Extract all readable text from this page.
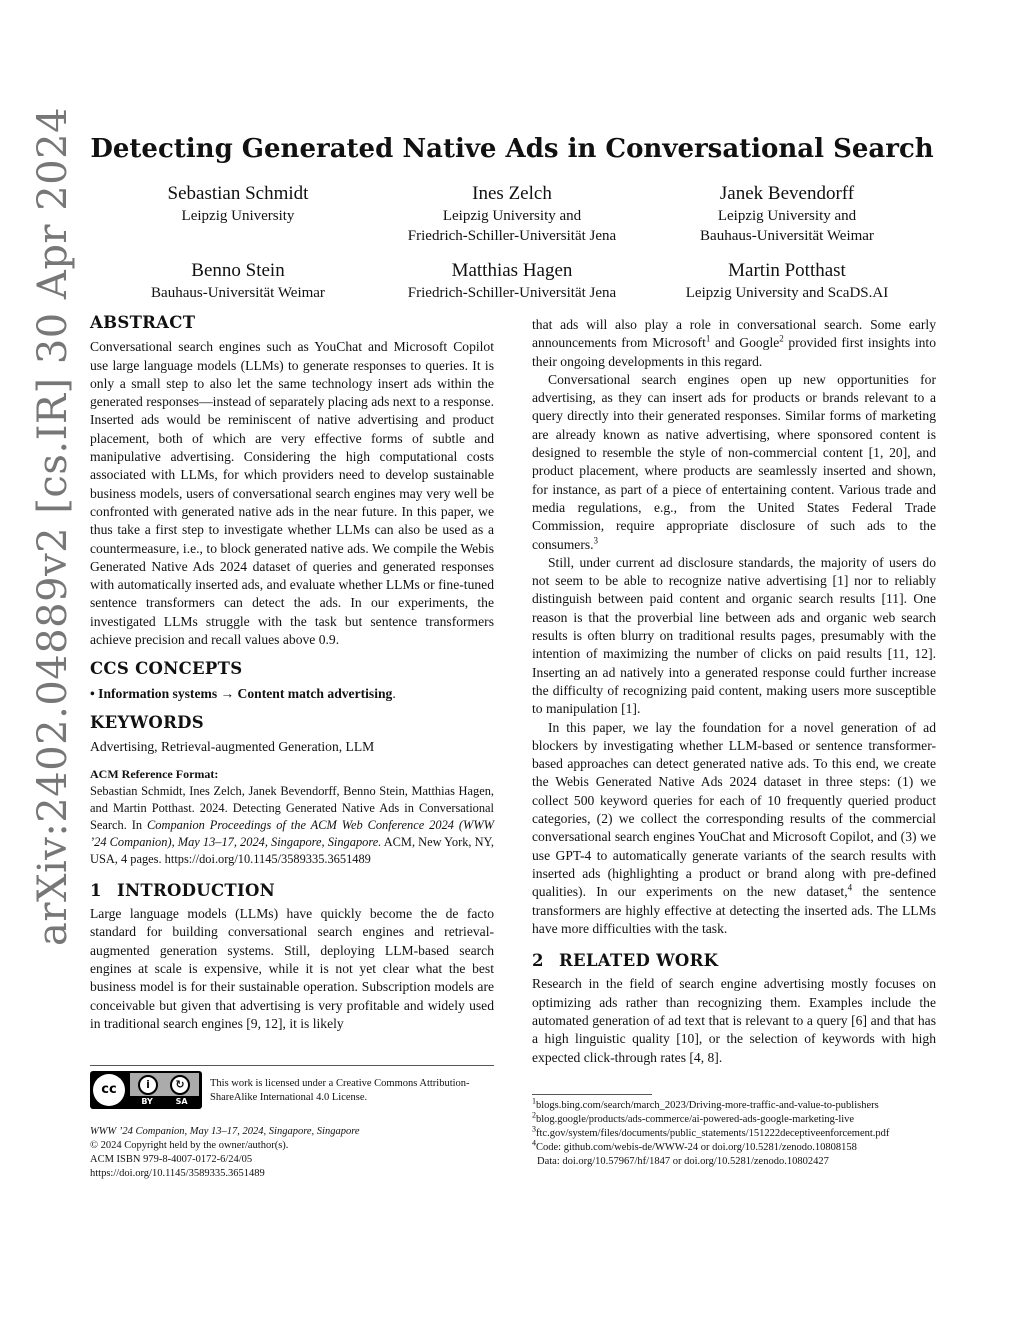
arXiv:2402.04889v2 [cs.IR] 30 Apr 2024 Detecting Generated Native Ads in Conversational Search
Sebastian Schmidt
Leipzig University
Ines Zelch
Leipzig University and
Friedrich-Schiller-Universität Jena
Janek Bevendorff
Leipzig University and
Bauhaus-Universität Weimar
Benno Stein
Bauhaus-Universität Weimar
Matthias Hagen
Friedrich-Schiller-Universität Jena
Martin Potthast
Leipzig University and ScaDS.AI
ABSTRACT

Conversational search engines such as YouChat and Microsoft Copilot use large language models (LLMs) to generate responses to queries. It is only a small step to also let the same technology insert ads within the generated responses—instead of separately placing ads next to a response. Inserted ads would be reminiscent of native advertising and product placement, both of which are very effective forms of subtle and manipulative advertising. Considering the high computational costs associated with LLMs, for which providers need to develop sustainable business models, users of conversational search engines may very well be confronted with generated native ads in the near future. In this paper, we thus take a first step to investigate whether LLMs can also be used as a countermeasure, i.e., to block generated native ads. We compile the Webis Generated Native Ads 2024 dataset of queries and generated responses with automatically inserted ads, and evaluate whether LLMs or fine-tuned sentence transformers can detect the ads. In our experiments, the investigated LLMs struggle with the task but sentence transformers achieve precision and recall values above 0.9.

CCS CONCEPTS

• Information systems → Content match advertising.

KEYWORDS

Advertising, Retrieval-augmented Generation, LLM

ACM Reference Format:

Sebastian Schmidt, Ines Zelch, Janek Bevendorff, Benno Stein, Matthias Hagen, and Martin Potthast. 2024. Detecting Generated Native Ads in Conversational Search. In Companion Proceedings of the ACM Web Conference 2024 (WWW ’24 Companion), May 13–17, 2024, Singapore, Singapore. ACM, New York, NY, USA, 4 pages. https://doi.org/10.1145/3589335.3651489

1 INTRODUCTION

Large language models (LLMs) have quickly become the de facto standard for building conversational search engines and retrieval-augmented generation systems. Still, deploying LLM-based search engines at scale is expensive, while it is not yet clear what the best business model is for their sustainable operation. Subscription models are conceivable but given that advertising is very profitable and widely used in traditional search engines [9, 12], it is likely

cc	i	↻
BY	SA
This work is licensed under a Creative Commons Attribution-ShareAlike International 4.0 License.
WWW ’24 Companion, May 13–17, 2024, Singapore, Singapore
© 2024 Copyright held by the owner/author(s).
ACM ISBN 979-8-4007-0172-6/24/05
https://doi.org/10.1145/3589335.3651489

that ads will also play a role in conversational search. Some early announcements from Microsoft$^1$ and Google$^2$ provided first insights into their ongoing developments in this regard.

Conversational search engines open up new opportunities for advertising, as they can insert ads for products or brands relevant to a query directly into their generated responses. Similar forms of marketing are already known as native advertising, where sponsored content is designed to resemble the style of non-commercial content [1, 20], and product placement, where products are seamlessly inserted and shown, for instance, as part of a piece of entertaining content. Various trade and media regulations, e.g., from the United States Federal Trade Commission, require appropriate disclosure of such ads to the consumers.$^3$

Still, under current ad disclosure standards, the majority of users do not seem to be able to recognize native advertising [1] nor to reliably distinguish between paid content and organic search results [11]. One reason is that the proverbial line between ads and organic web search results is often blurry on traditional results pages, presumably with the intention of maximizing the number of clicks on paid results [11, 12]. Inserting an ad natively into a generated response could further increase the difficulty of recognizing paid content, making users more susceptible to manipulation [1].

In this paper, we lay the foundation for a novel generation of ad blockers by investigating whether LLM-based or sentence transformer-based approaches can detect generated native ads. To this end, we create the Webis Generated Native Ads 2024 dataset in three steps: (1) we collect 500 keyword queries for each of 10 frequently queried product categories, (2) we collect the corresponding results of the commercial conversational search engines YouChat and Microsoft Copilot, and (3) we use GPT-4 to automatically generate variants of the search results with inserted ads (highlighting a product or brand along with pre-defined qualities). In our experiments on the new dataset,$^4$ the sentence transformers are highly effective at detecting the inserted ads. The LLMs have more difficulties with the task.

2 RELATED WORK

Research in the field of search engine advertising mostly focuses on optimizing ads rather than recognizing them. Examples include the automated generation of ad text that is relevant to a query [6] and that has a high linguistic quality [10], or the selection of keywords with high expected click-through rates [4, 8].

$^1$blogs.bing.com/search/march_2023/Driving-more-traffic-and-value-to-publishers
$^2$blog.google/products/ads-commerce/ai-powered-ads-google-marketing-live
$^3$ftc.gov/system/files/documents/public_statements/151222deceptiveenforcement.pdf
$^4$Code: github.com/webis-de/WWW-24 or doi.org/10.5281/zenodo.10808158
Data: doi.org/10.57967/hf/1847 or doi.org/10.5281/zenodo.10802427
